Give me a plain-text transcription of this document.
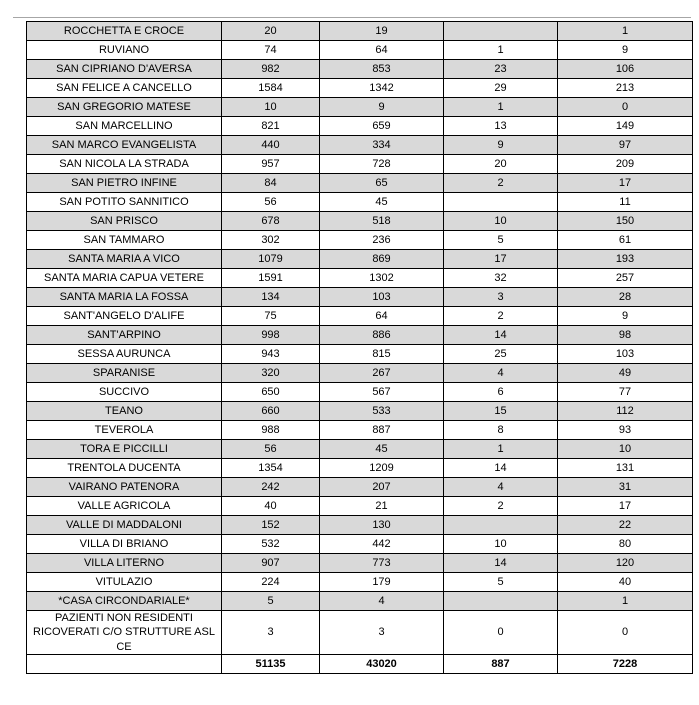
ROCCHETTA E CROCE	20	19		1
RUVIANO	74	64	1	9
SAN CIPRIANO D'AVERSA	982	853	23	106
SAN FELICE A CANCELLO	1584	1342	29	213
SAN GREGORIO MATESE	10	9	1	0
SAN MARCELLINO	821	659	13	149
SAN MARCO EVANGELISTA	440	334	9	97
SAN NICOLA LA STRADA	957	728	20	209
SAN PIETRO INFINE	84	65	2	17
SAN POTITO SANNITICO	56	45		11
SAN PRISCO	678	518	10	150
SAN TAMMARO	302	236	5	61
SANTA MARIA A VICO	1079	869	17	193
SANTA MARIA CAPUA VETERE	1591	1302	32	257
SANTA MARIA LA FOSSA	134	103	3	28
SANT'ANGELO D'ALIFE	75	64	2	9
SANT'ARPINO	998	886	14	98
SESSA AURUNCA	943	815	25	103
SPARANISE	320	267	4	49
SUCCIVO	650	567	6	77
TEANO	660	533	15	112
TEVEROLA	988	887	8	93
TORA E PICCILLI	56	45	1	10
TRENTOLA DUCENTA	1354	1209	14	131
VAIRANO PATENORA	242	207	4	31
VALLE AGRICOLA	40	21	2	17
VALLE DI MADDALONI	152	130		22
VILLA DI BRIANO	532	442	10	80
VILLA LITERNO	907	773	14	120
VITULAZIO	224	179	5	40
*CASA CIRCONDARIALE*	5	4		1
PAZIENTI NON RESIDENTI RICOVERATI C/O STRUTTURE ASL CE	3	3	0	0
	51135	43020	887	7228
